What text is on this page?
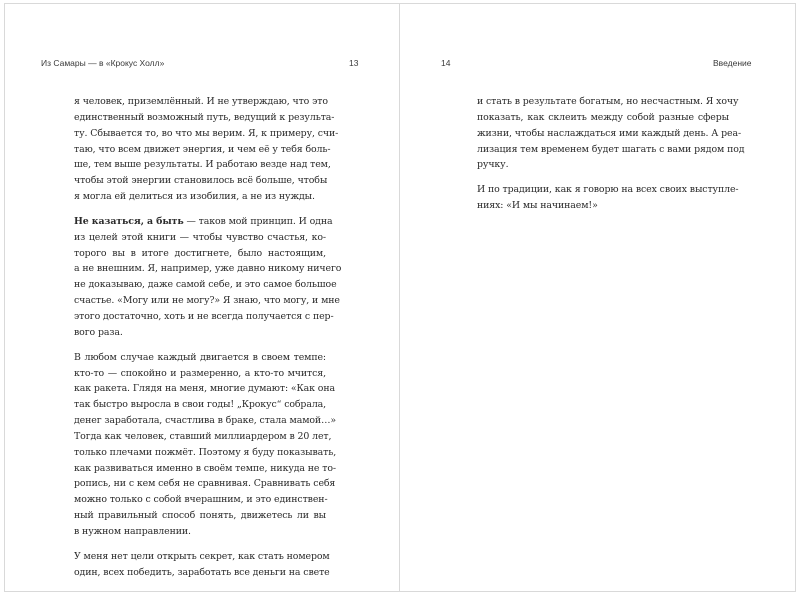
Из Самары — в «Крокус Холл»	13
я человек, приземлённый. И не утверждаю, что это
единственный возможный путь, ведущий к результа-
ту. Сбывается то, во что мы верим. Я, к примеру, счи-
таю, что всем движет энергия, и чем её у тебя боль-
ше, тем выше результаты. И работаю везде над тем,
чтобы этой энергии становилось всё больше, чтобы
я могла ей делиться из изобилия, а не из нужды.
Не казаться, а быть — таков мой принцип. И одна
из целей этой книги — чтобы чувство счастья, ко-
торого вы в итоге достигнете, было настоящим,
а не внешним. Я, например, уже давно никому ничего
не доказываю, даже самой себе, и это самое большое
счастье. «Могу или не могу?» Я знаю, что могу, и мне
этого достаточно, хоть и не всегда получается с пер-
вого раза.
В любом случае каждый двигается в своем темпе:
кто-то — спокойно и размеренно, а кто-то мчится,
как ракета. Глядя на меня, многие думают: «Как она
так быстро выросла в свои годы! „Крокус“ собрала,
денег заработала, счастлива в браке, стала мамой…»
Тогда как человек, ставший миллиардером в 20 лет,
только плечами пожмёт. Поэтому я буду показывать,
как развиваться именно в своём темпе, никуда не то-
ропись, ни с кем себя не сравнивая. Сравнивать себя
можно только с собой вчерашним, и это единствен-
ный правильный способ понять, движетесь ли вы
в нужном направлении.
У меня нет цели открыть секрет, как стать номером
один, всех победить, заработать все деньги на свете
14	Введение
и стать в результате богатым, но несчастным. Я хочу
показать, как склеить между собой разные сферы
жизни, чтобы наслаждаться ими каждый день. А реа-
лизация тем временем будет шагать с вами рядом под
ручку.
И по традиции, как я говорю на всех своих выступле-
ниях: «И мы начинаем!»
